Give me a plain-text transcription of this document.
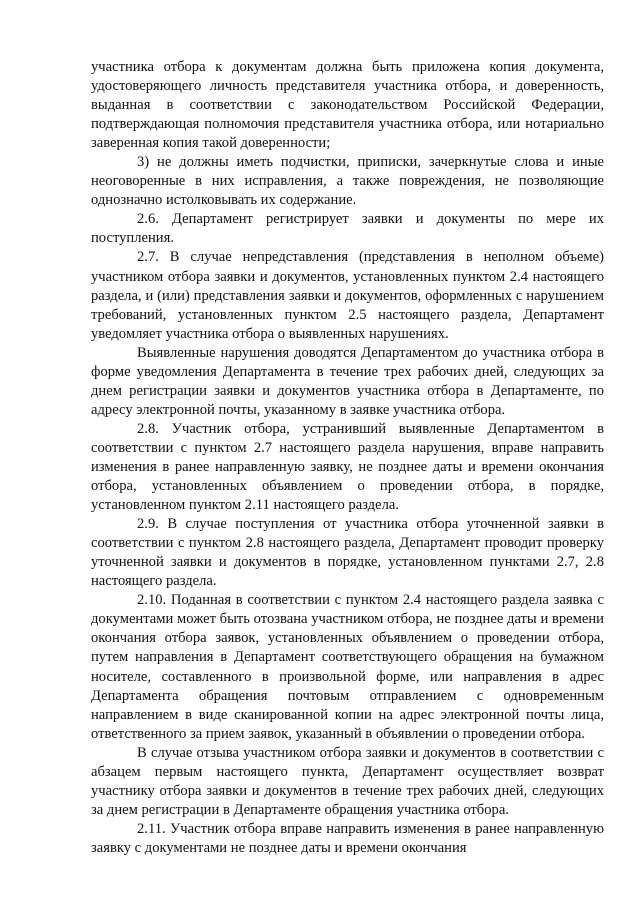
участника отбора к документам должна быть приложена копия документа, удостоверяющего личность представителя участника отбора, и доверенность, выданная в соответствии с законодательством Российской Федерации, подтверждающая полномочия представителя участника отбора, или нотариально заверенная копия такой доверенности;

3) не должны иметь подчистки, приписки, зачеркнутые слова и иные неоговоренные в них исправления, а также повреждения, не позволяющие однозначно истолковывать их содержание.

2.6. Департамент регистрирует заявки и документы по мере их поступления.

2.7. В случае непредставления (представления в неполном объеме) участником отбора заявки и документов, установленных пунктом 2.4 настоящего раздела, и (или) представления заявки и документов, оформленных с нарушением требований, установленных пунктом 2.5 настоящего раздела, Департамент уведомляет участника отбора о выявленных нарушениях.

Выявленные нарушения доводятся Департаментом до участника отбора в форме уведомления Департамента в течение трех рабочих дней, следующих за днем регистрации заявки и документов участника отбора в Департаменте, по адресу электронной почты, указанному в заявке участника отбора.

2.8. Участник отбора, устранивший выявленные Департаментом в соответствии с пунктом 2.7 настоящего раздела нарушения, вправе направить изменения в ранее направленную заявку, не позднее даты и времени окончания отбора, установленных объявлением о проведении отбора, в порядке, установленном пунктом 2.11 настоящего раздела.

2.9. В случае поступления от участника отбора уточненной заявки в соответствии с пунктом 2.8 настоящего раздела, Департамент проводит проверку уточненной заявки и документов в порядке, установленном пунктами 2.7, 2.8 настоящего раздела.

2.10. Поданная в соответствии с пунктом 2.4 настоящего раздела заявка с документами может быть отозвана участником отбора, не позднее даты и времени окончания отбора заявок, установленных объявлением о проведении отбора, путем направления в Департамент соответствующего обращения на бумажном носителе, составленного в произвольной форме, или направления в адрес Департамента обращения почтовым отправлением с одновременным направлением в виде сканированной копии на адрес электронной почты лица, ответственного за прием заявок, указанный в объявлении о проведении отбора.

В случае отзыва участником отбора заявки и документов в соответствии с абзацем первым настоящего пункта, Департамент осуществляет возврат участнику отбора заявки и документов в течение трех рабочих дней, следующих за днем регистрации в Департаменте обращения участника отбора.

2.11. Участник отбора вправе направить изменения в ранее направленную заявку с документами не позднее даты и времени окончания
